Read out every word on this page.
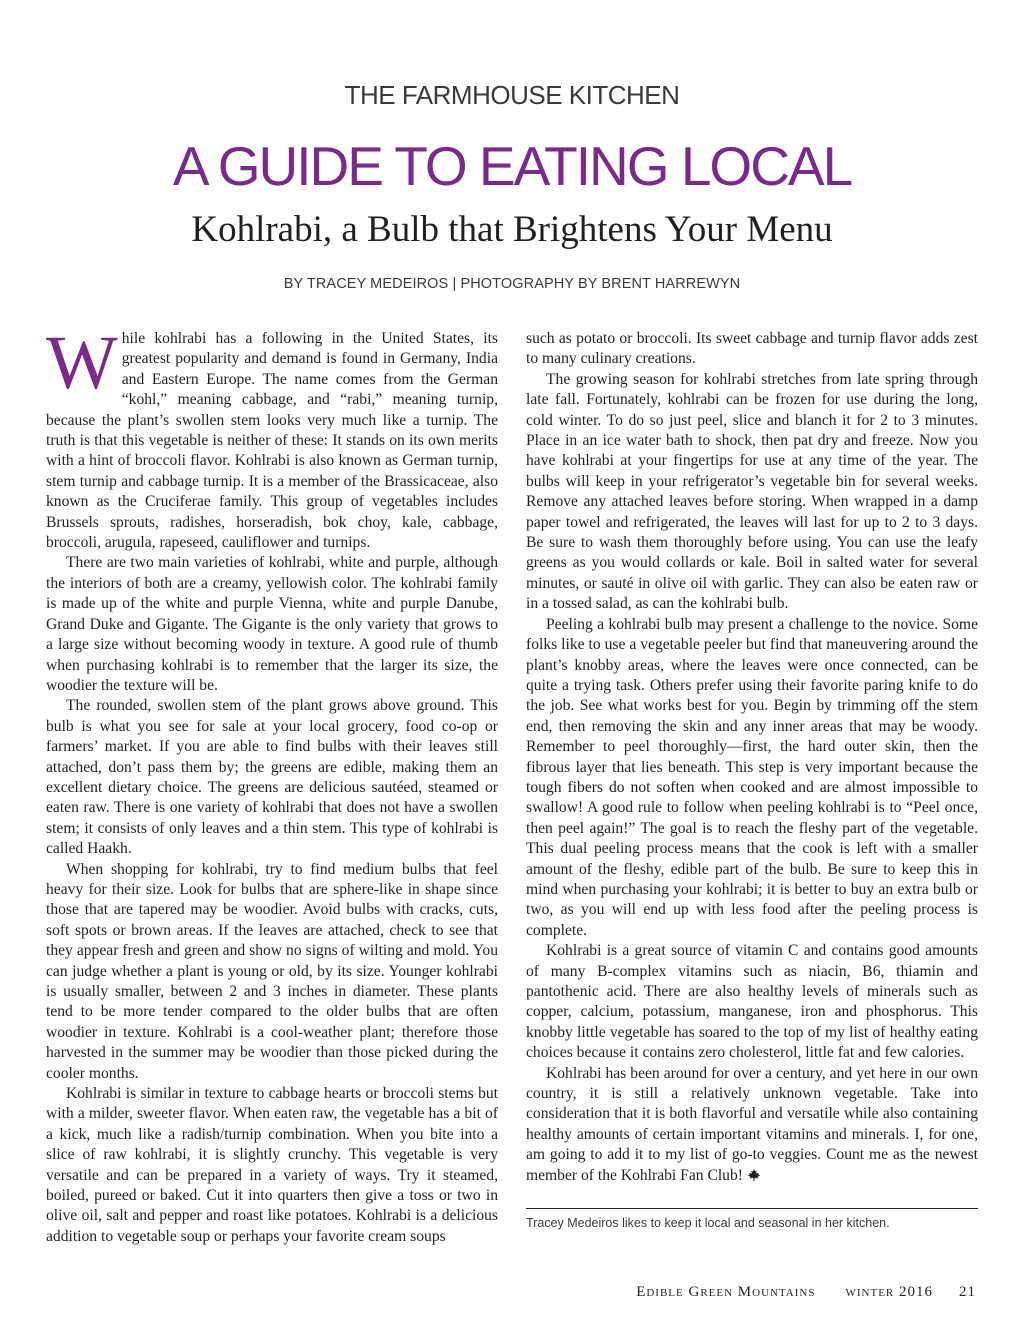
THE FARMHOUSE KITCHEN
A GUIDE TO EATING LOCAL
Kohlrabi, a Bulb that Brightens Your Menu
BY TRACEY MEDEIROS | PHOTOGRAPHY BY BRENT HARREWYN

While kohlrabi has a following in the United States, its greatest popularity and demand is found in Germany, India and Eastern Europe. The name comes from the German “kohl,” meaning cabbage, and “rabi,” meaning turnip, because the plant’s swollen stem looks very much like a turnip. The truth is that this vegetable is neither of these: It stands on its own merits with a hint of broccoli flavor. Kohlrabi is also known as German turnip, stem turnip and cabbage turnip. It is a member of the Brassicaceae, also known as the Cruciferae family. This group of vegetables includes Brussels sprouts, radishes, horseradish, bok choy, kale, cabbage, broccoli, arugula, rapeseed, cauliflower and turnips.

There are two main varieties of kohlrabi, white and purple, although the interiors of both are a creamy, yellowish color. The kohlrabi family is made up of the white and purple Vienna, white and purple Danube, Grand Duke and Gigante. The Gigante is the only variety that grows to a large size without becoming woody in texture. A good rule of thumb when purchasing kohlrabi is to remember that the larger its size, the woodier the texture will be.

The rounded, swollen stem of the plant grows above ground. This bulb is what you see for sale at your local grocery, food co-op or farmers’ market. If you are able to find bulbs with their leaves still attached, don’t pass them by; the greens are edible, making them an excellent dietary choice. The greens are delicious sautéed, steamed or eaten raw. There is one variety of kohlrabi that does not have a swollen stem; it consists of only leaves and a thin stem. This type of kohlrabi is called Haakh.

When shopping for kohlrabi, try to find medium bulbs that feel heavy for their size. Look for bulbs that are sphere-like in shape since those that are tapered may be woodier. Avoid bulbs with cracks, cuts, soft spots or brown areas. If the leaves are attached, check to see that they appear fresh and green and show no signs of wilting and mold. You can judge whether a plant is young or old, by its size. Younger kohlrabi is usually smaller, between 2 and 3 inches in diameter. These plants tend to be more tender compared to the older bulbs that are often woodier in texture. Kohlrabi is a cool-weather plant; therefore those harvested in the summer may be woodier than those picked during the cooler months.

Kohlrabi is similar in texture to cabbage hearts or broccoli stems but with a milder, sweeter flavor. When eaten raw, the vegetable has a bit of a kick, much like a radish/turnip combination. When you bite into a slice of raw kohlrabi, it is slightly crunchy. This vegetable is very versatile and can be prepared in a variety of ways. Try it steamed, boiled, pureed or baked. Cut it into quarters then give a toss or two in olive oil, salt and pepper and roast like potatoes. Kohlrabi is a delicious addition to vegetable soup or perhaps your favorite cream soups

such as potato or broccoli. Its sweet cabbage and turnip flavor adds zest to many culinary creations.

The growing season for kohlrabi stretches from late spring through late fall. Fortunately, kohlrabi can be frozen for use during the long, cold winter. To do so just peel, slice and blanch it for 2 to 3 minutes. Place in an ice water bath to shock, then pat dry and freeze. Now you have kohlrabi at your fingertips for use at any time of the year. The bulbs will keep in your refrigerator’s vegetable bin for several weeks. Remove any attached leaves before storing. When wrapped in a damp paper towel and refrigerated, the leaves will last for up to 2 to 3 days. Be sure to wash them thoroughly before using. You can use the leafy greens as you would collards or kale. Boil in salted water for several minutes, or sauté in olive oil with garlic. They can also be eaten raw or in a tossed salad, as can the kohlrabi bulb.

Peeling a kohlrabi bulb may present a challenge to the novice. Some folks like to use a vegetable peeler but find that maneuvering around the plant’s knobby areas, where the leaves were once connected, can be quite a trying task. Others prefer using their favorite paring knife to do the job. See what works best for you. Begin by trimming off the stem end, then removing the skin and any inner areas that may be woody. Remember to peel thoroughly—first, the hard outer skin, then the fibrous layer that lies beneath. This step is very important because the tough fibers do not soften when cooked and are almost impossible to swallow! A good rule to follow when peeling kohlrabi is to “Peel once, then peel again!” The goal is to reach the fleshy part of the vegetable. This dual peeling process means that the cook is left with a smaller amount of the fleshy, edible part of the bulb. Be sure to keep this in mind when purchasing your kohlrabi; it is better to buy an extra bulb or two, as you will end up with less food after the peeling process is complete.

Kohlrabi is a great source of vitamin C and contains good amounts of many B-complex vitamins such as niacin, B6, thiamin and pantothenic acid. There are also healthy levels of minerals such as copper, calcium, potassium, manganese, iron and phosphorus. This knobby little vegetable has soared to the top of my list of healthy eating choices because it contains zero cholesterol, little fat and few calories.

Kohlrabi has been around for over a century, and yet here in our own country, it is still a relatively unknown vegetable. Take into consideration that it is both flavorful and versatile while also containing healthy amounts of certain important vitamins and minerals. I, for one, am going to add it to my list of go-to veggies. Count me as the newest member of the Kohlrabi Fan Club!

Tracey Medeiros likes to keep it local and seasonal in her kitchen.
Edible Green Mountains winter 2016 21
